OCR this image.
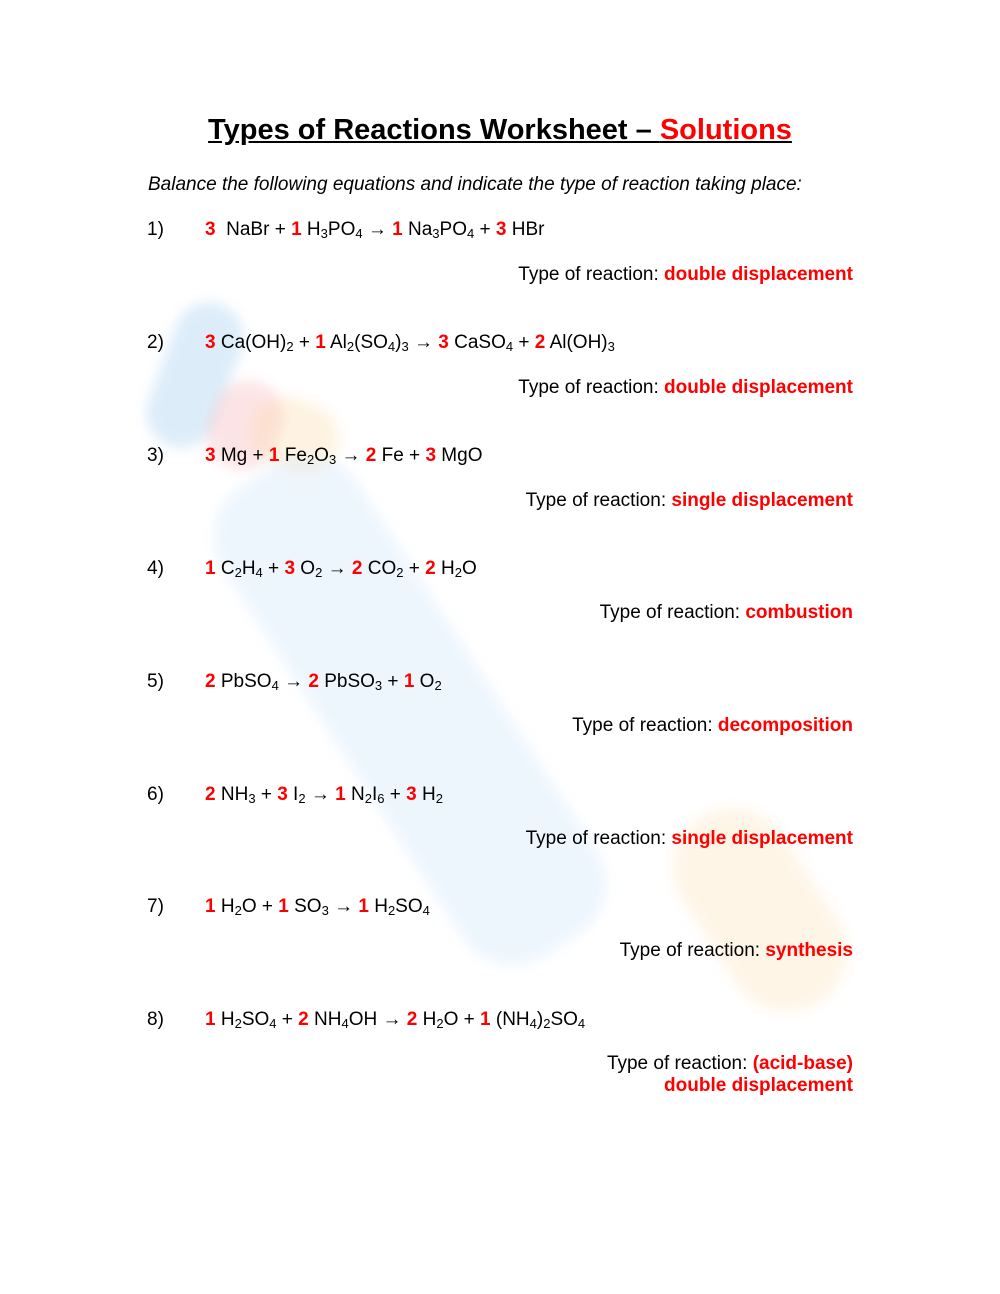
Types of Reactions Worksheet – Solutions
Balance the following equations and indicate the type of reaction taking place:
1) 3  NaBr + 1 $H_3PO_4 \to 1$ $Na_3PO_4 + 3$ HBr
Type of reaction: double displacement
2) 3 $Ca(OH)_2 + 1$ $Al_2(SO_4)_3 \to 3$ CaSO$_4$ + 2 $Al(OH)_3$
Type of reaction: double displacement
3) 3 Mg + 1 $Fe_2O_3 \to 2$ Fe + 3 MgO
Type of reaction: single displacement
4) 1 $C_2H_4 + 3$ $O_2 \to 2$ $CO_2 + 2$ $H_2O$
Type of reaction: combustion
5) 2 PbSO$_4$ → 2 PbSO$_3$ + 1 $O_2$
Type of reaction: decomposition
6) 2 $NH_3 + 3$ $I_2 \to 1$ $N_2I_6 + 3$ $H_2$
Type of reaction: single displacement
7) 1 $H_2O + 1$ $SO_3 \to 1$ $H_2SO_4$
Type of reaction: synthesis
8) 1 $H_2SO_4 + 2$ $NH_4OH \to 2$ $H_2O + 1$ $(NH_4)_2SO_4$
Type of reaction: (acid-base)
double displacement
